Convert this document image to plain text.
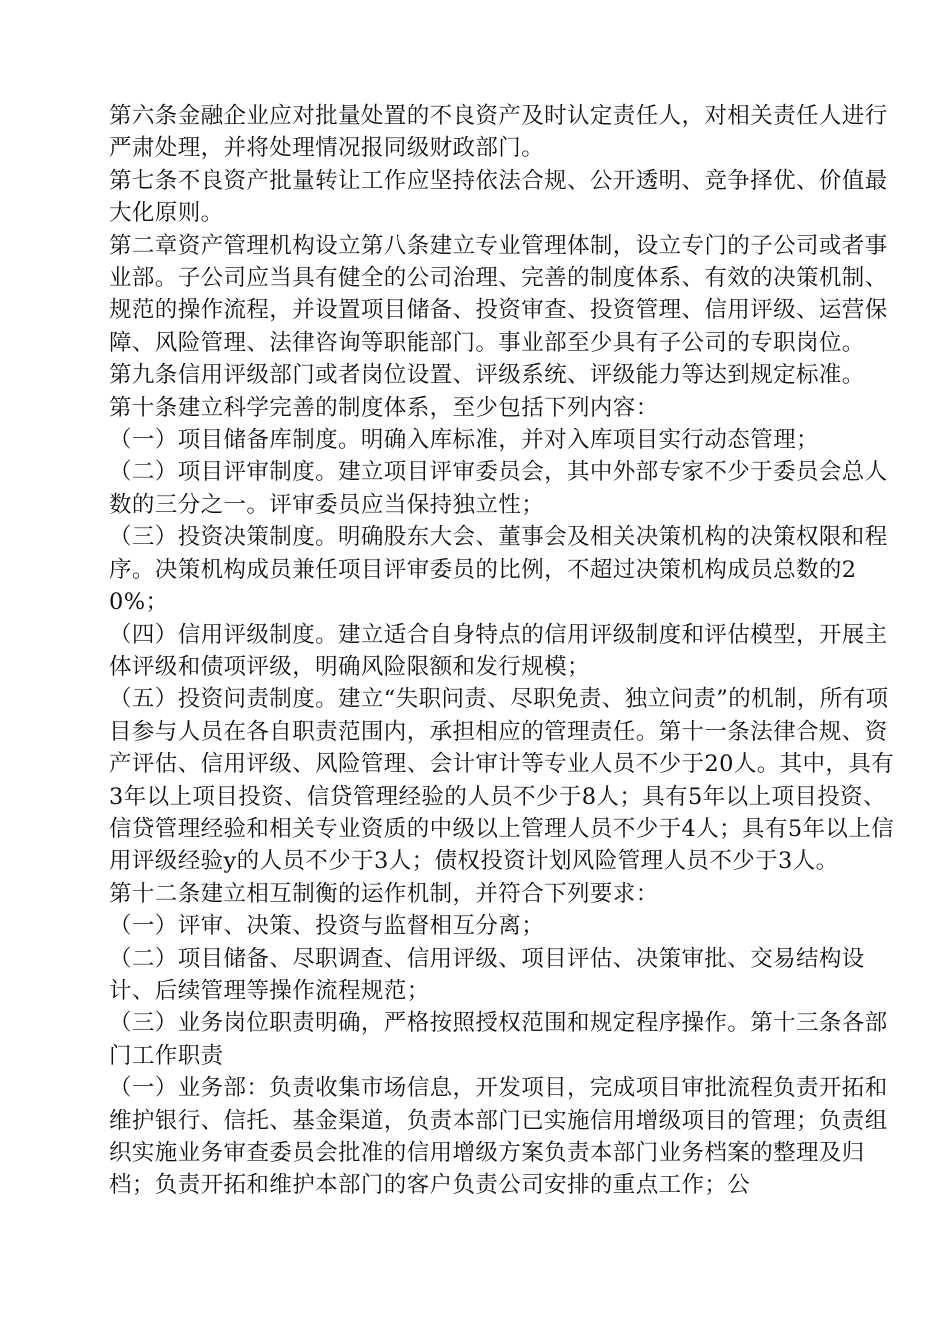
第六条金融企业应对批量处置的不良资产及时认定责任人，对相关责任人进行严肃处理，并将处理情况报同级财政部门。

第七条不良资产批量转让工作应坚持依法合规、公开透明、竞争择优、价值最大化原则。

第二章资产管理机构设立第八条建立专业管理体制，设立专门的子公司或者事业部。子公司应当具有健全的公司治理、完善的制度体系、有效的决策机制、规范的操作流程，并设置项目储备、投资审查、投资管理、信用评级、运营保障、风险管理、法律咨询等职能部门。事业部至少具有子公司的专职岗位。

第九条信用评级部门或者岗位设置、评级系统、评级能力等达到规定标准。

第十条建立科学完善的制度体系，至少包括下列内容：

（一）项目储备库制度。明确入库标准，并对入库项目实行动态管理；

（二）项目评审制度。建立项目评审委员会，其中外部专家不少于委员会总人数的三分之一。评审委员应当保持独立性；

（三）投资决策制度。明确股东大会、董事会及相关决策机构的决策权限和程序。决策机构成员兼任项目评审委员的比例，不超过决策机构成员总数的20%；

（四）信用评级制度。建立适合自身特点的信用评级制度和评估模型，开展主体评级和债项评级，明确风险限额和发行规模；

（五）投资问责制度。建立“失职问责、尽职免责、独立问责”的机制，所有项目参与人员在各自职责范围内，承担相应的管理责任。第十一条法律合规、资产评估、信用评级、风险管理、会计审计等专业人员不少于20人。其中，具有3年以上项目投资、信贷管理经验的人员不少于8人；具有5年以上项目投资、信贷管理经验和相关专业资质的中级以上管理人员不少于4人；具有5年以上信用评级经验y的人员不少于3人；债权投资计划风险管理人员不少于3人。

第十二条建立相互制衡的运作机制，并符合下列要求：

（一）评审、决策、投资与监督相互分离；

（二）项目储备、尽职调查、信用评级、项目评估、决策审批、交易结构设计、后续管理等操作流程规范；

（三）业务岗位职责明确，严格按照授权范围和规定程序操作。第十三条各部门工作职责

（一）业务部：负责收集市场信息，开发项目，完成项目审批流程负责开拓和维护银行、信托、基金渠道，负责本部门已实施信用增级项目的管理；负责组织实施业务审查委员会批准的信用增级方案负责本部门业务档案的整理及归档；负责开拓和维护本部门的客户负责公司安排的重点工作；公
